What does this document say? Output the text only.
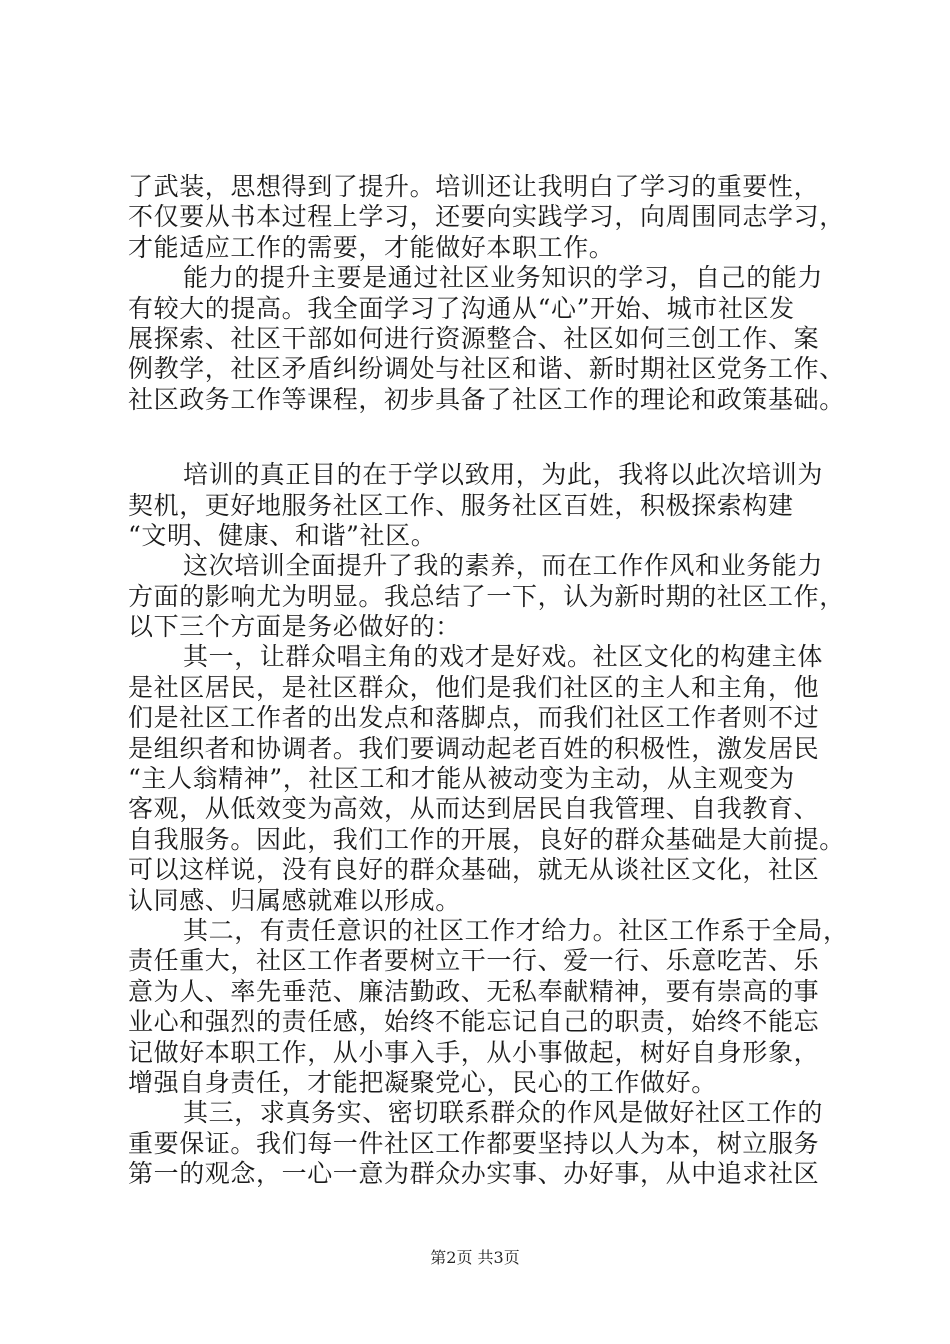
了武装，思想得到了提升。培训还让我明白了学习的重要性，
不仅要从书本过程上学习，还要向实践学习，向周围同志学习，
才能适应工作的需要，才能做好本职工作。
能力的提升主要是通过社区业务知识的学习，自己的能力
有较大的提高。我全面学习了沟通从“心”开始、城市社区发
展探索、社区干部如何进行资源整合、社区如何三创工作、案
例教学，社区矛盾纠纷调处与社区和谐、新时期社区党务工作、
社区政务工作等课程，初步具备了社区工作的理论和政策基础。
培训的真正目的在于学以致用，为此，我将以此次培训为
契机，更好地服务社区工作、服务社区百姓，积极探索构建
“文明、健康、和谐”社区。
这次培训全面提升了我的素养，而在工作作风和业务能力
方面的影响尤为明显。我总结了一下，认为新时期的社区工作，
以下三个方面是务必做好的：
其一，让群众唱主角的戏才是好戏。社区文化的构建主体
是社区居民，是社区群众，他们是我们社区的主人和主角，他
们是社区工作者的出发点和落脚点，而我们社区工作者则不过
是组织者和协调者。我们要调动起老百姓的积极性，激发居民
“主人翁精神”，社区工和才能从被动变为主动，从主观变为
客观，从低效变为高效，从而达到居民自我管理、自我教育、
自我服务。因此，我们工作的开展，良好的群众基础是大前提。
可以这样说，没有良好的群众基础，就无从谈社区文化，社区
认同感、归属感就难以形成。
其二，有责任意识的社区工作才给力。社区工作系于全局，
责任重大，社区工作者要树立干一行、爱一行、乐意吃苦、乐
意为人、率先垂范、廉洁勤政、无私奉献精神，要有崇高的事
业心和强烈的责任感，始终不能忘记自己的职责，始终不能忘
记做好本职工作，从小事入手，从小事做起，树好自身形象，
增强自身责任，才能把凝聚党心，民心的工作做好。
其三，求真务实、密切联系群众的作风是做好社区工作的
重要保证。我们每一件社区工作都要坚持以人为本，树立服务
第一的观念，一心一意为群众办实事、办好事，从中追求社区
第2页 共3页
